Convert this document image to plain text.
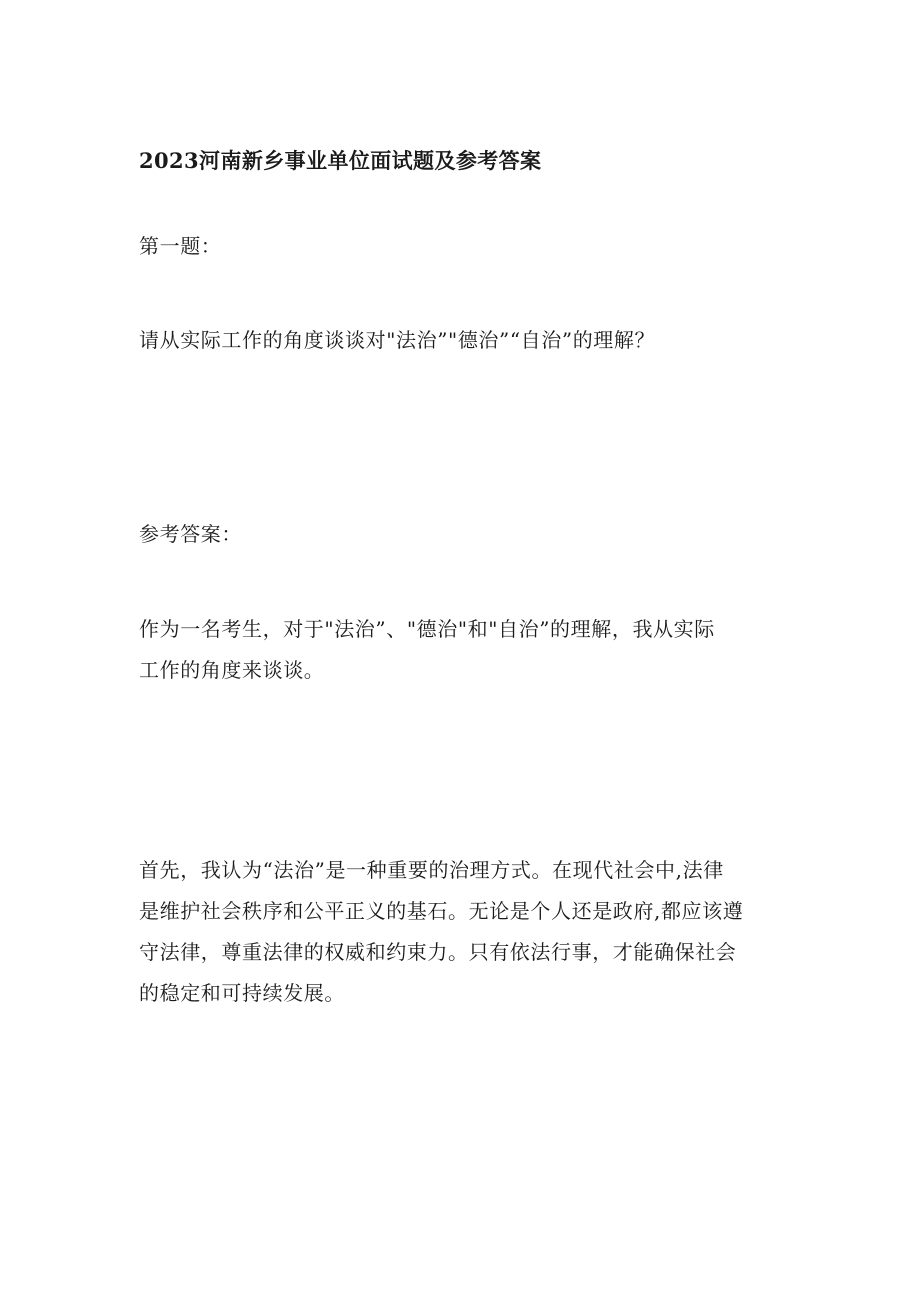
2023河南新乡事业单位面试题及参考答案

第一题：

请从实际工作的角度谈谈对"法治”"德治”“自治”的理解？

参考答案：

作为一名考生，对于"法治”、"德治"和"自治”的理解，我从实际
工作的角度来谈谈。
首先，我认为“法治”是一种重要的治理方式。在现代社会中,法律
是维护社会秩序和公平正义的基石。无论是个人还是政府,都应该遵
守法律，尊重法律的权威和约束力。只有依法行事，才能确保社会
的稳定和可持续发展。
